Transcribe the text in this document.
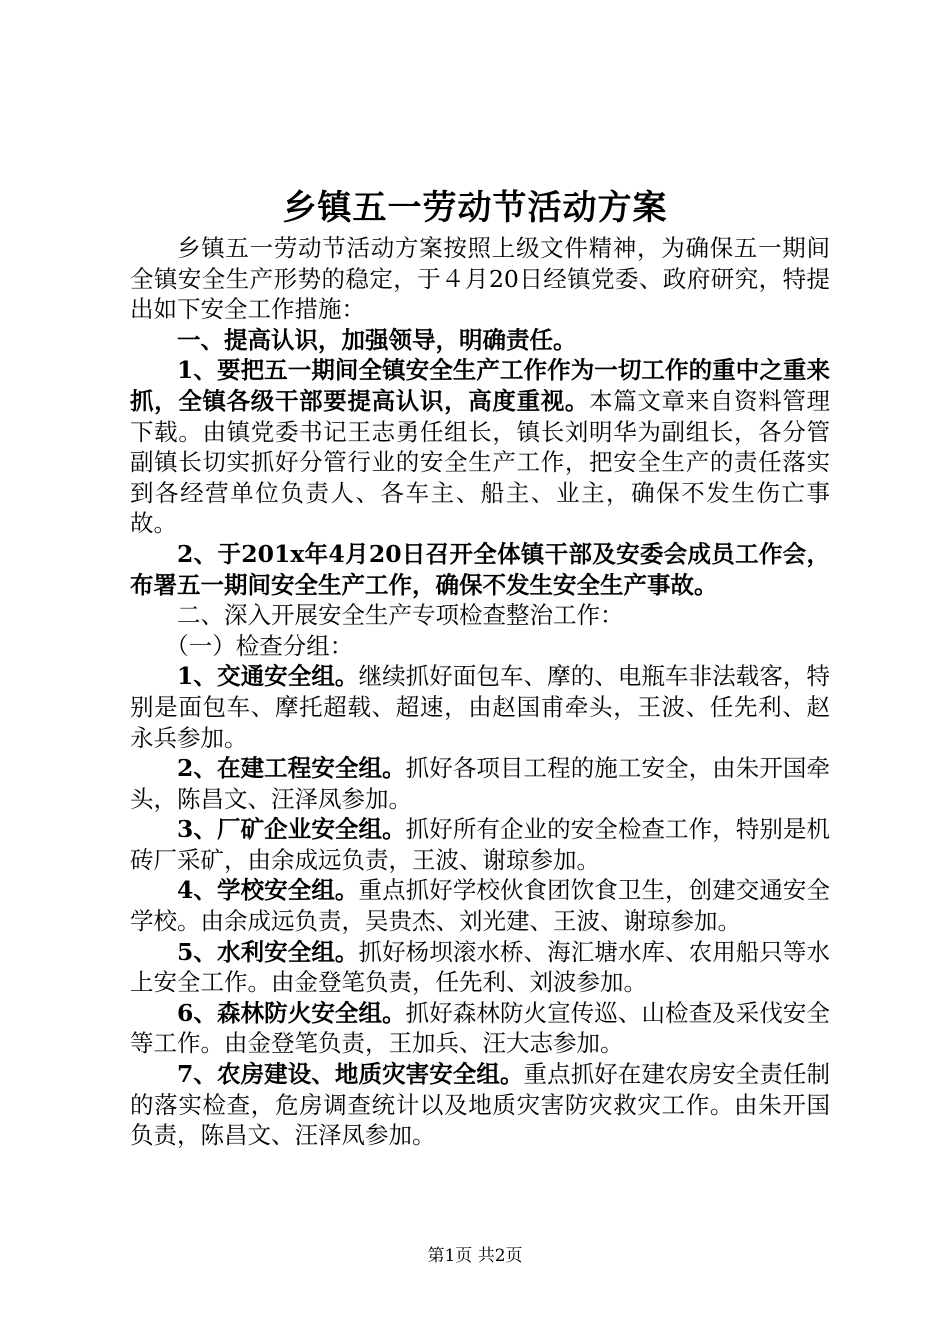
乡镇五一劳动节活动方案

乡镇五一劳动节活动方案按照上级文件精神，为确保五一期间全镇安全生产形势的稳定，于４月20日经镇党委、政府研究，特提出如下安全工作措施：

一、提高认识，加强领导，明确责任。

1、要把五一期间全镇安全生产工作作为一切工作的重中之重来抓，全镇各级干部要提高认识，高度重视。本篇文章来自资料管理下载。由镇党委书记王志勇任组长，镇长刘明华为副组长，各分管副镇长切实抓好分管行业的安全生产工作，把安全生产的责任落实到各经营单位负责人、各车主、船主、业主，确保不发生伤亡事故。

2、于201x年4月20日召开全体镇干部及安委会成员工作会，布署五一期间安全生产工作，确保不发生安全生产事故。

二、深入开展安全生产专项检查整治工作：

（一）检查分组：

1、交通安全组。继续抓好面包车、摩的、电瓶车非法载客，特别是面包车、摩托超载、超速，由赵国甫牵头，王波、任先利、赵永兵参加。

2、在建工程安全组。抓好各项目工程的施工安全，由朱开国牵头，陈昌文、汪泽凤参加。

3、厂矿企业安全组。抓好所有企业的安全检查工作，特别是机砖厂采矿，由余成远负责，王波、谢琼参加。

4、学校安全组。重点抓好学校伙食团饮食卫生，创建交通安全学校。由余成远负责，吴贵杰、刘光建、王波、谢琼参加。

5、水利安全组。抓好杨坝滚水桥、海汇塘水库、农用船只等水上安全工作。由金登笔负责，任先利、刘波参加。

6、森林防火安全组。抓好森林防火宣传巡、山检查及采伐安全等工作。由金登笔负责，王加兵、汪大志参加。

7、农房建设、地质灾害安全组。重点抓好在建农房安全责任制的落实检查，危房调查统计以及地质灾害防灾救灾工作。由朱开国负责，陈昌文、汪泽凤参加。

第1页 共2页
